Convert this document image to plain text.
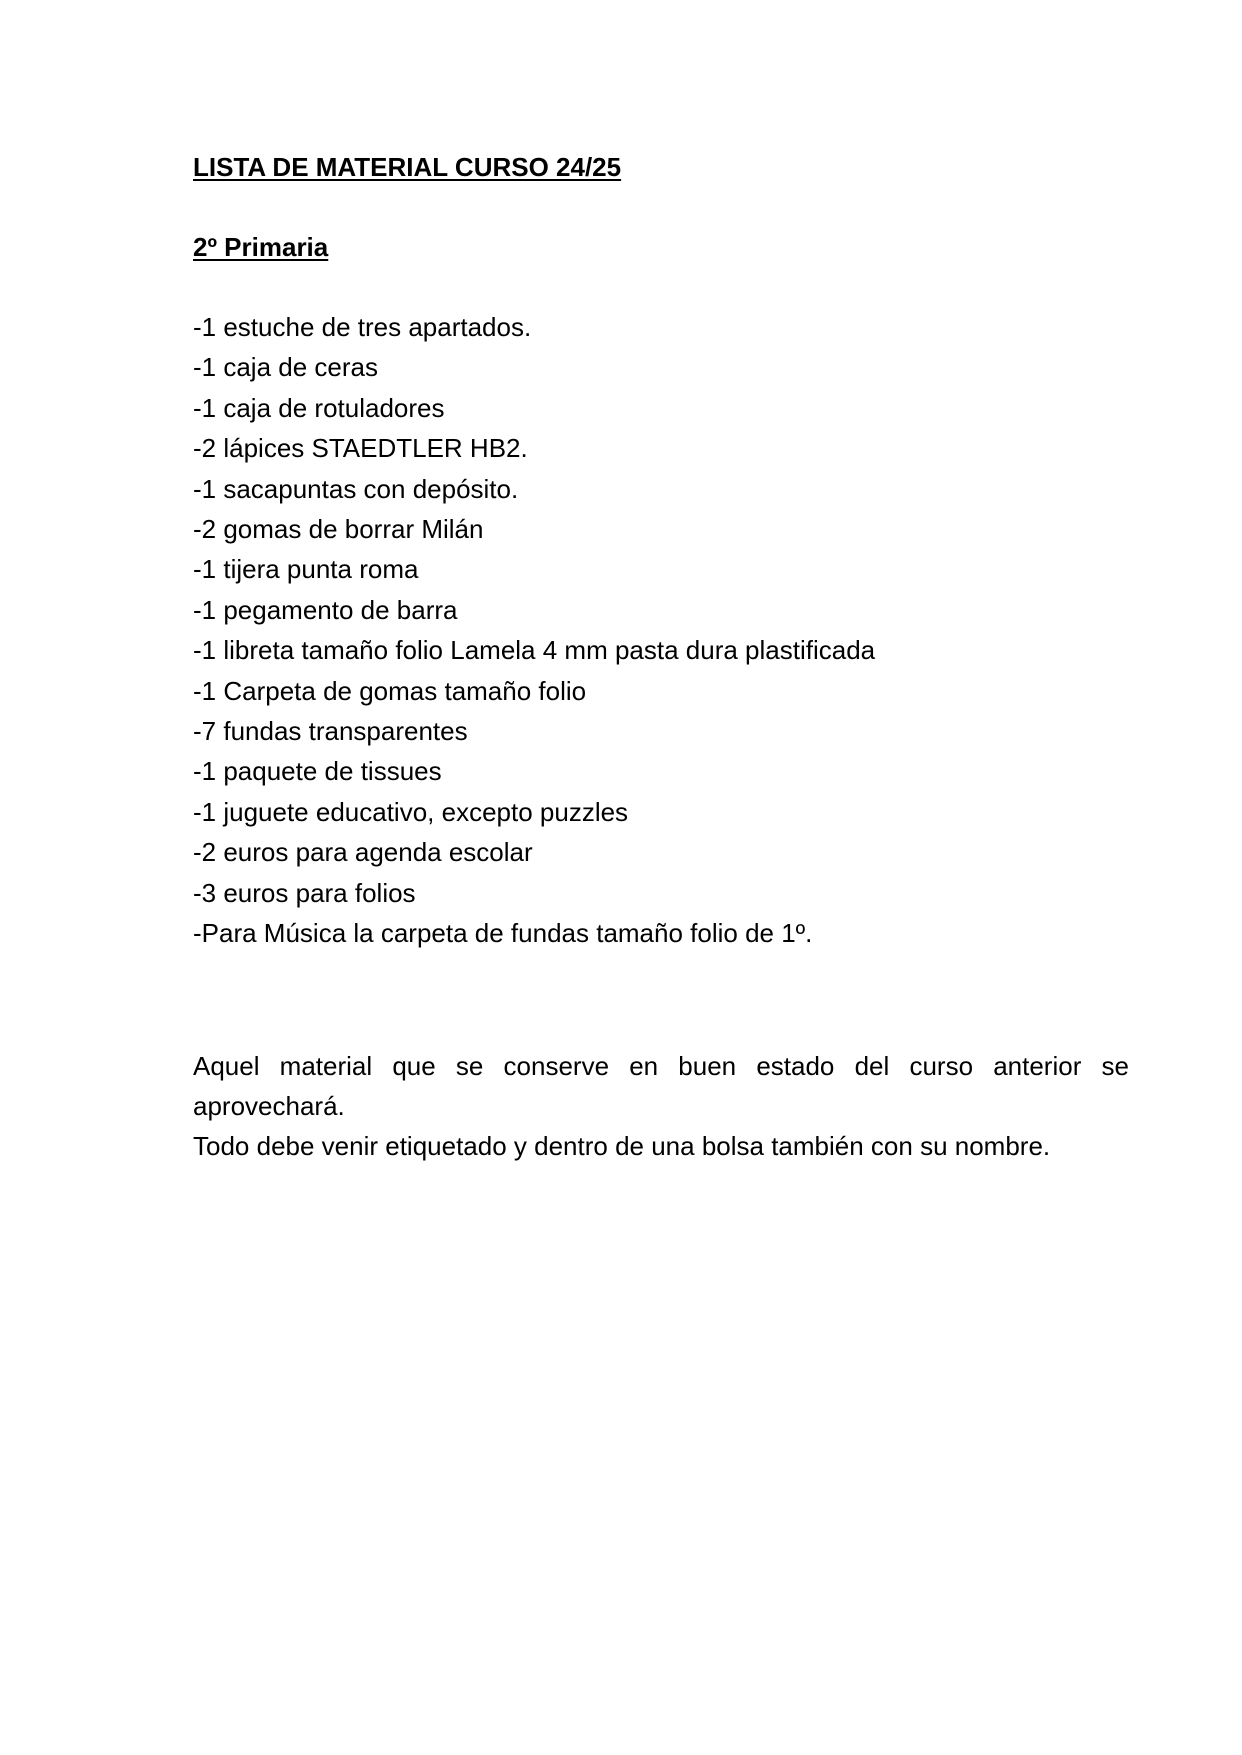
LISTA DE MATERIAL CURSO 24/25
2º Primaria
-1 estuche de tres apartados.
-1 caja de ceras
-1 caja de rotuladores
-2 lápices STAEDTLER HB2.
-1 sacapuntas con depósito.
-2 gomas de borrar Milán
-1 tijera punta roma
-1 pegamento de barra
-1 libreta tamaño folio Lamela 4 mm pasta dura plastificada
-1 Carpeta de gomas tamaño folio
-7 fundas transparentes
-1 paquete de tissues
-1 juguete educativo, excepto puzzles
-2 euros para agenda escolar
-3 euros para folios
-Para Música la carpeta de fundas tamaño folio de 1º.

Aquel material que se conserve en buen estado del curso anterior se aprovechará.

Todo debe venir etiquetado y dentro de una bolsa también con su nombre.
